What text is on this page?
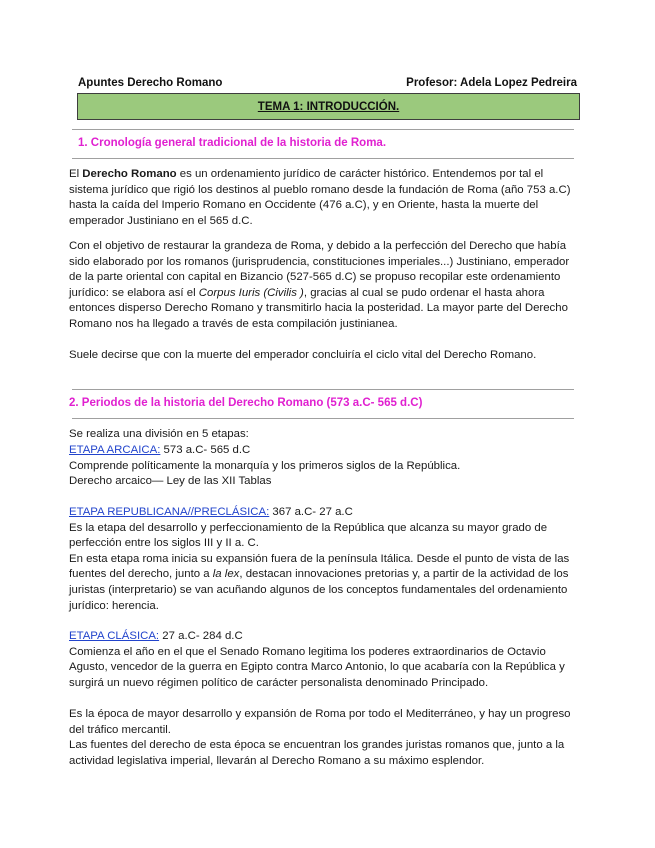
Apuntes Derecho Romano	Profesor: Adela Lopez Pedreira
TEMA 1: INTRODUCCIÓN.
1. Cronología general tradicional de la historia de Roma.

El Derecho Romano es un ordenamiento jurídico de carácter histórico. Entendemos por tal el sistema jurídico que rigió los destinos al pueblo romano desde la fundación de Roma (año 753 a.C) hasta la caída del Imperio Romano en Occidente (476 a.C), y en Oriente, hasta la muerte del emperador Justiniano en el 565 d.C.

Con el objetivo de restaurar la grandeza de Roma, y debido a la perfección del Derecho que había sido elaborado por los romanos (jurisprudencia, constituciones imperiales...) Justiniano, emperador de la parte oriental con capital en Bizancio (527-565 d.C) se propuso recopilar este ordenamiento jurídico: se elabora así el Corpus Iuris (Civilis ), gracias al cual se pudo ordenar el hasta ahora entonces disperso Derecho Romano y transmitirlo hacia la posteridad. La mayor parte del Derecho Romano nos ha llegado a través de esta compilación justinianea.

Suele decirse que con la muerte del emperador concluiría el ciclo vital del Derecho Romano.

2. Periodos de la historia del Derecho Romano (573 a.C- 565 d.C)

Se realiza una división en 5 etapas:

ETAPA ARCAICA: 573 a.C- 565 d.C
Comprende políticamente la monarquía y los primeros siglos de la República.
Derecho arcaico— Ley de las XII Tablas

ETAPA REPUBLICANA//PRECLÁSICA: 367 a.C- 27 a.C
Es la etapa del desarrollo y perfeccionamiento de la República que alcanza su mayor grado de perfección entre los siglos III y II a. C.
En esta etapa roma inicia su expansión fuera de la península Itálica. Desde el punto de vista de las fuentes del derecho, junto a la lex, destacan innovaciones pretorias y, a partir de la actividad de los juristas (interpretario) se van acuñando algunos de los conceptos fundamentales del ordenamiento jurídico: herencia.

ETAPA CLÁSICA: 27 a.C- 284 d.C
Comienza el año en el que el Senado Romano legitima los poderes extraordinarios de Octavio Agusto, vencedor de la guerra en Egipto contra Marco Antonio, lo que acabaría con la República y surgirá un nuevo régimen político de carácter personalista denominado Principado.

Es la época de mayor desarrollo y expansión de Roma por todo el Mediterráneo, y hay un progreso del tráfico mercantil.
Las fuentes del derecho de esta época se encuentran los grandes juristas romanos que, junto a la actividad legislativa imperial, llevarán al Derecho Romano a su máximo esplendor.
